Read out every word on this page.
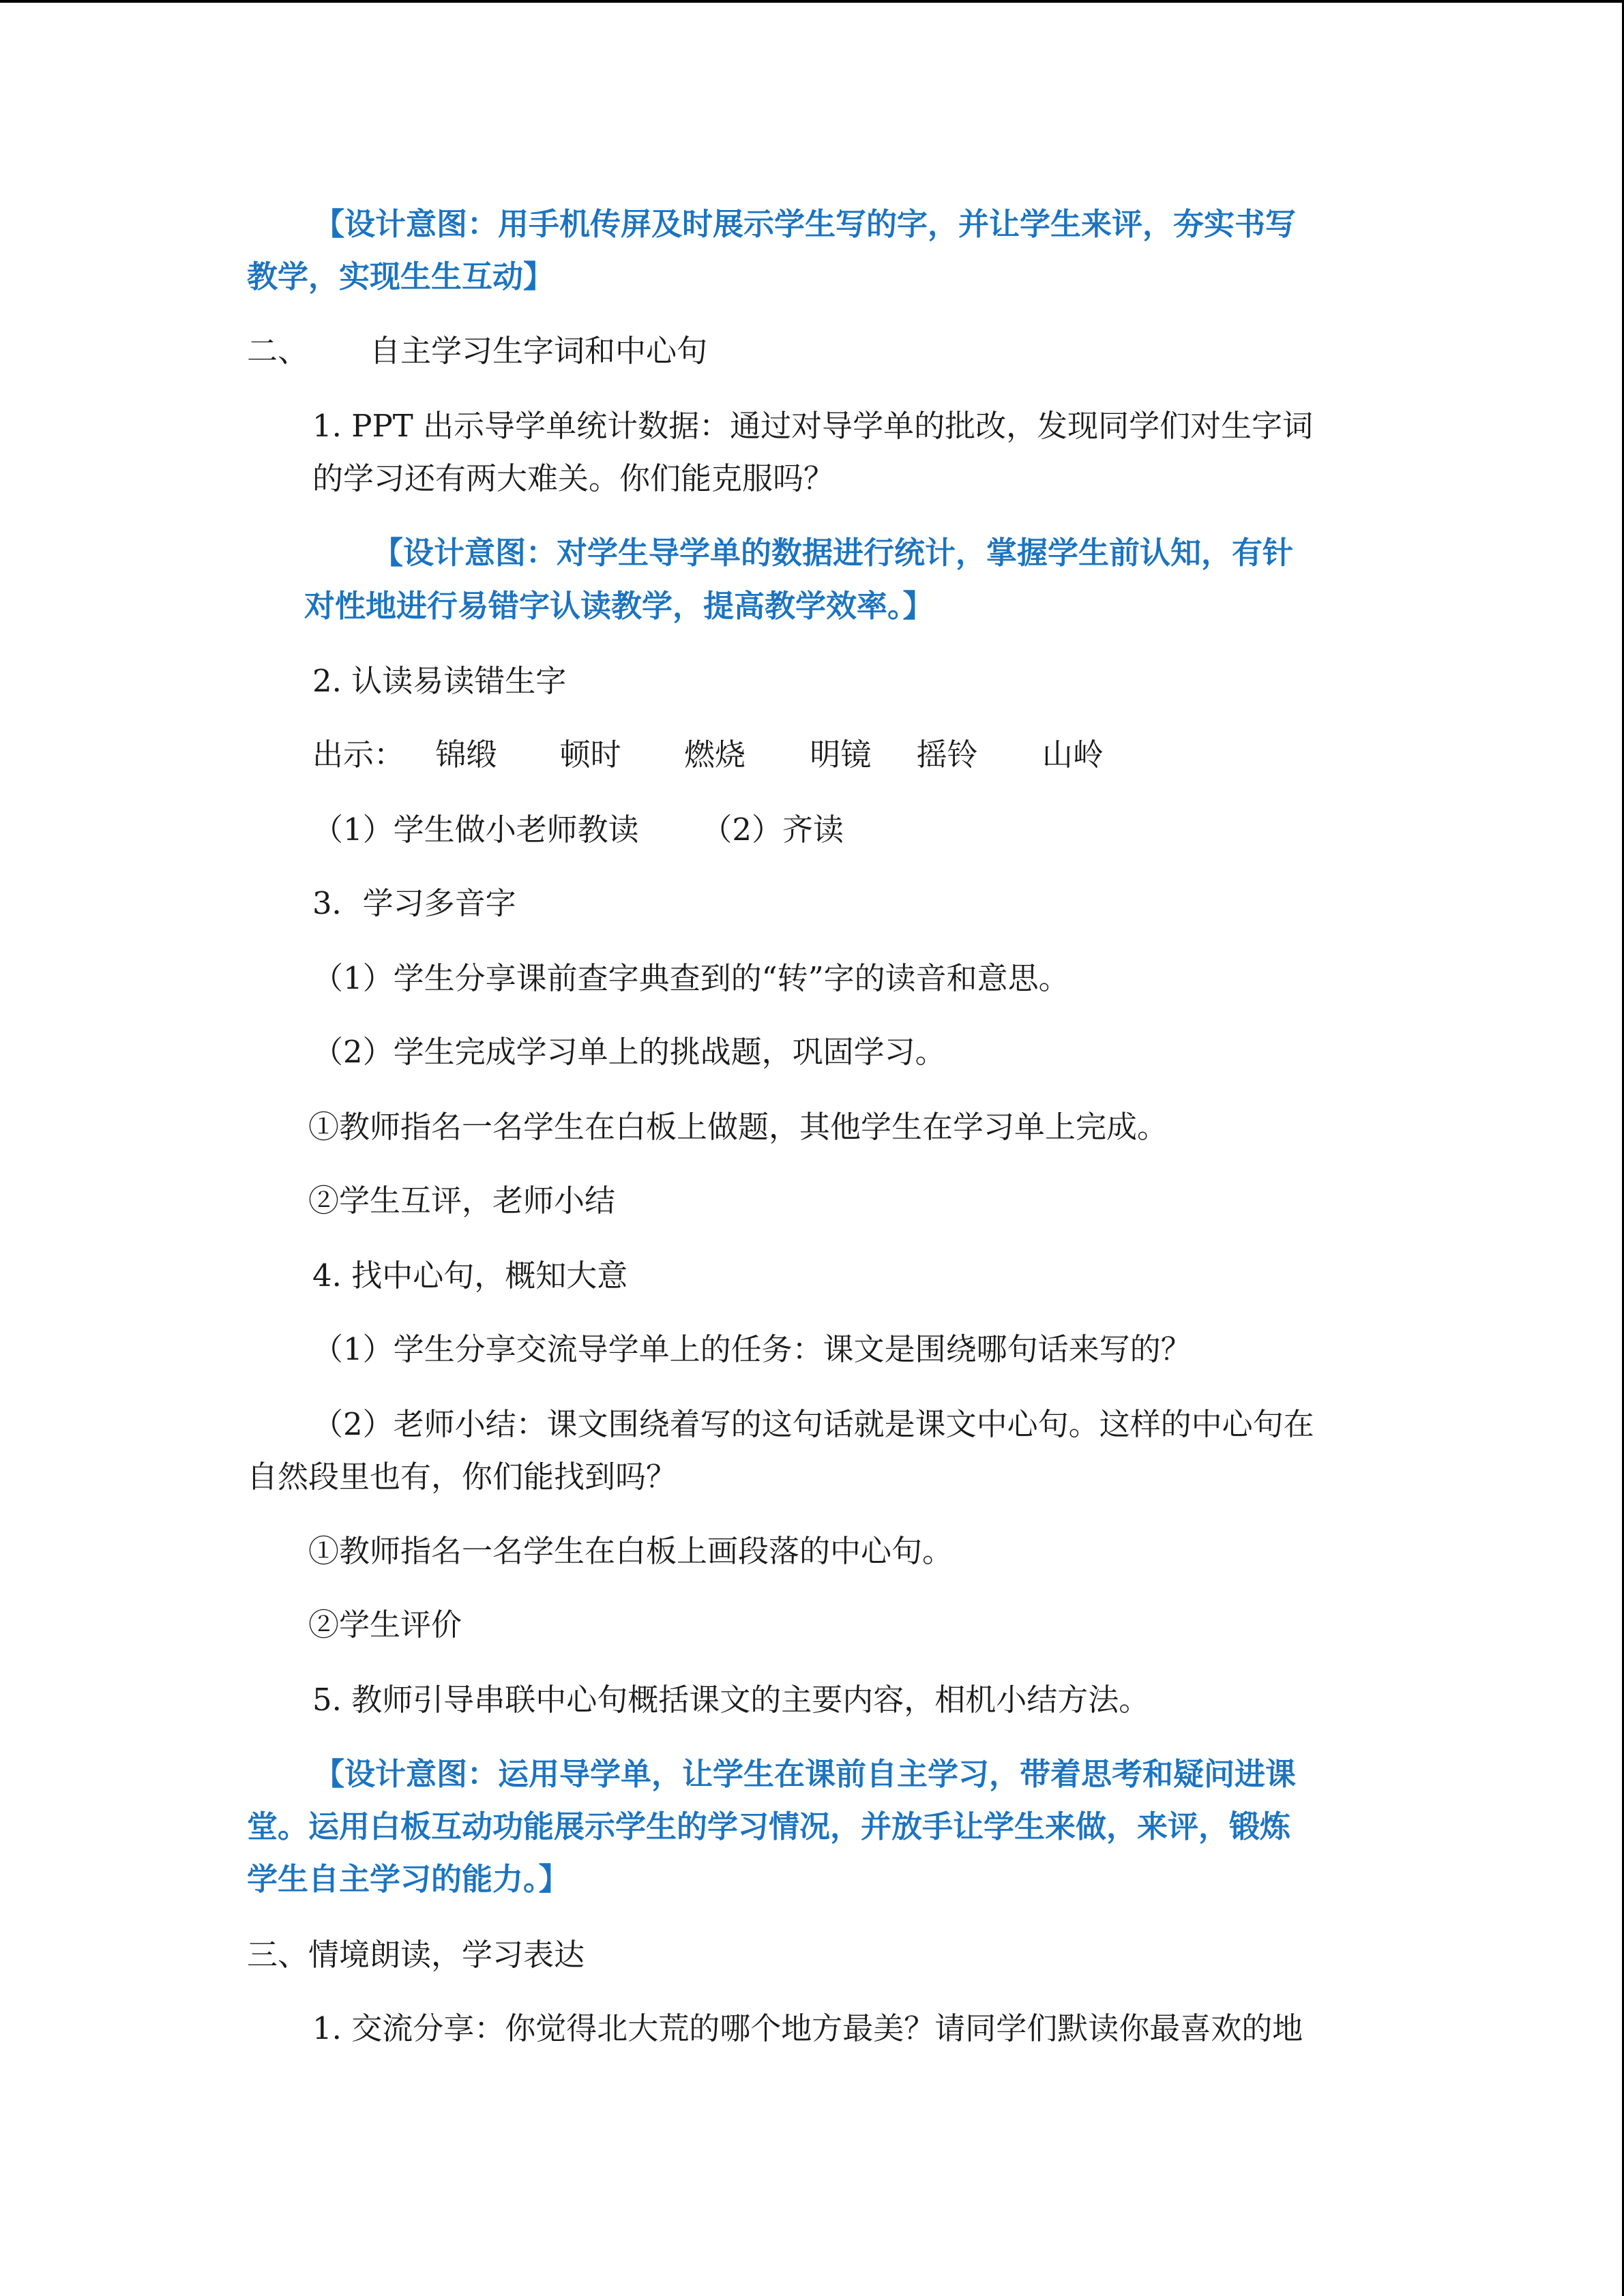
【设计意图：用手机传屏及时展示学生写的字，并让学生来评，夯实书写
教学，实现生生互动】
二、 自主学习生字词和中心句
1. PPT 出示导学单统计数据：通过对导学单的批改，发现同学们对生字词
的学习还有两大难关。你们能克服吗？
【设计意图：对学生导学单的数据进行统计，掌握学生前认知，有针
对性地进行易错字认读教学，提高教学效率。】
2. 认读易读错生字
出示： 锦缎 顿时 燃烧 明镜 摇铃 山岭
（1）学生做小老师教读 （2）齐读
3．学习多音字
（1）学生分享课前查字典查到的“转”字的读音和意思。
（2）学生完成学习单上的挑战题，巩固学习。
①教师指名一名学生在白板上做题，其他学生在学习单上完成。
②学生互评，老师小结
4. 找中心句，概知大意
（1）学生分享交流导学单上的任务：课文是围绕哪句话来写的？
（2）老师小结：课文围绕着写的这句话就是课文中心句。这样的中心句在
自然段里也有，你们能找到吗？
①教师指名一名学生在白板上画段落的中心句。
②学生评价
5. 教师引导串联中心句概括课文的主要内容，相机小结方法。
【设计意图：运用导学单，让学生在课前自主学习，带着思考和疑问进课
堂。运用白板互动功能展示学生的学习情况，并放手让学生来做，来评，锻炼
学生自主学习的能力。】
三、情境朗读，学习表达
1. 交流分享：你觉得北大荒的哪个地方最美？请同学们默读你最喜欢的地
